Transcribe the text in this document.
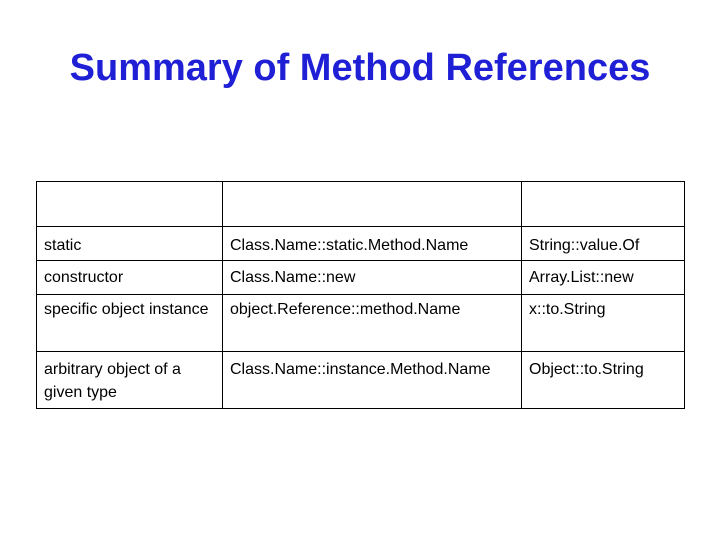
Summary of Method References

static	Class.Name::static.Method.Name	String::value.Of
constructor	Class.Name::new	Array.List::new
specific object instance	object.Reference::method.Name	x::to.String
arbitrary object of a given type	Class.Name::instance.Method.Name	Object::to.String
